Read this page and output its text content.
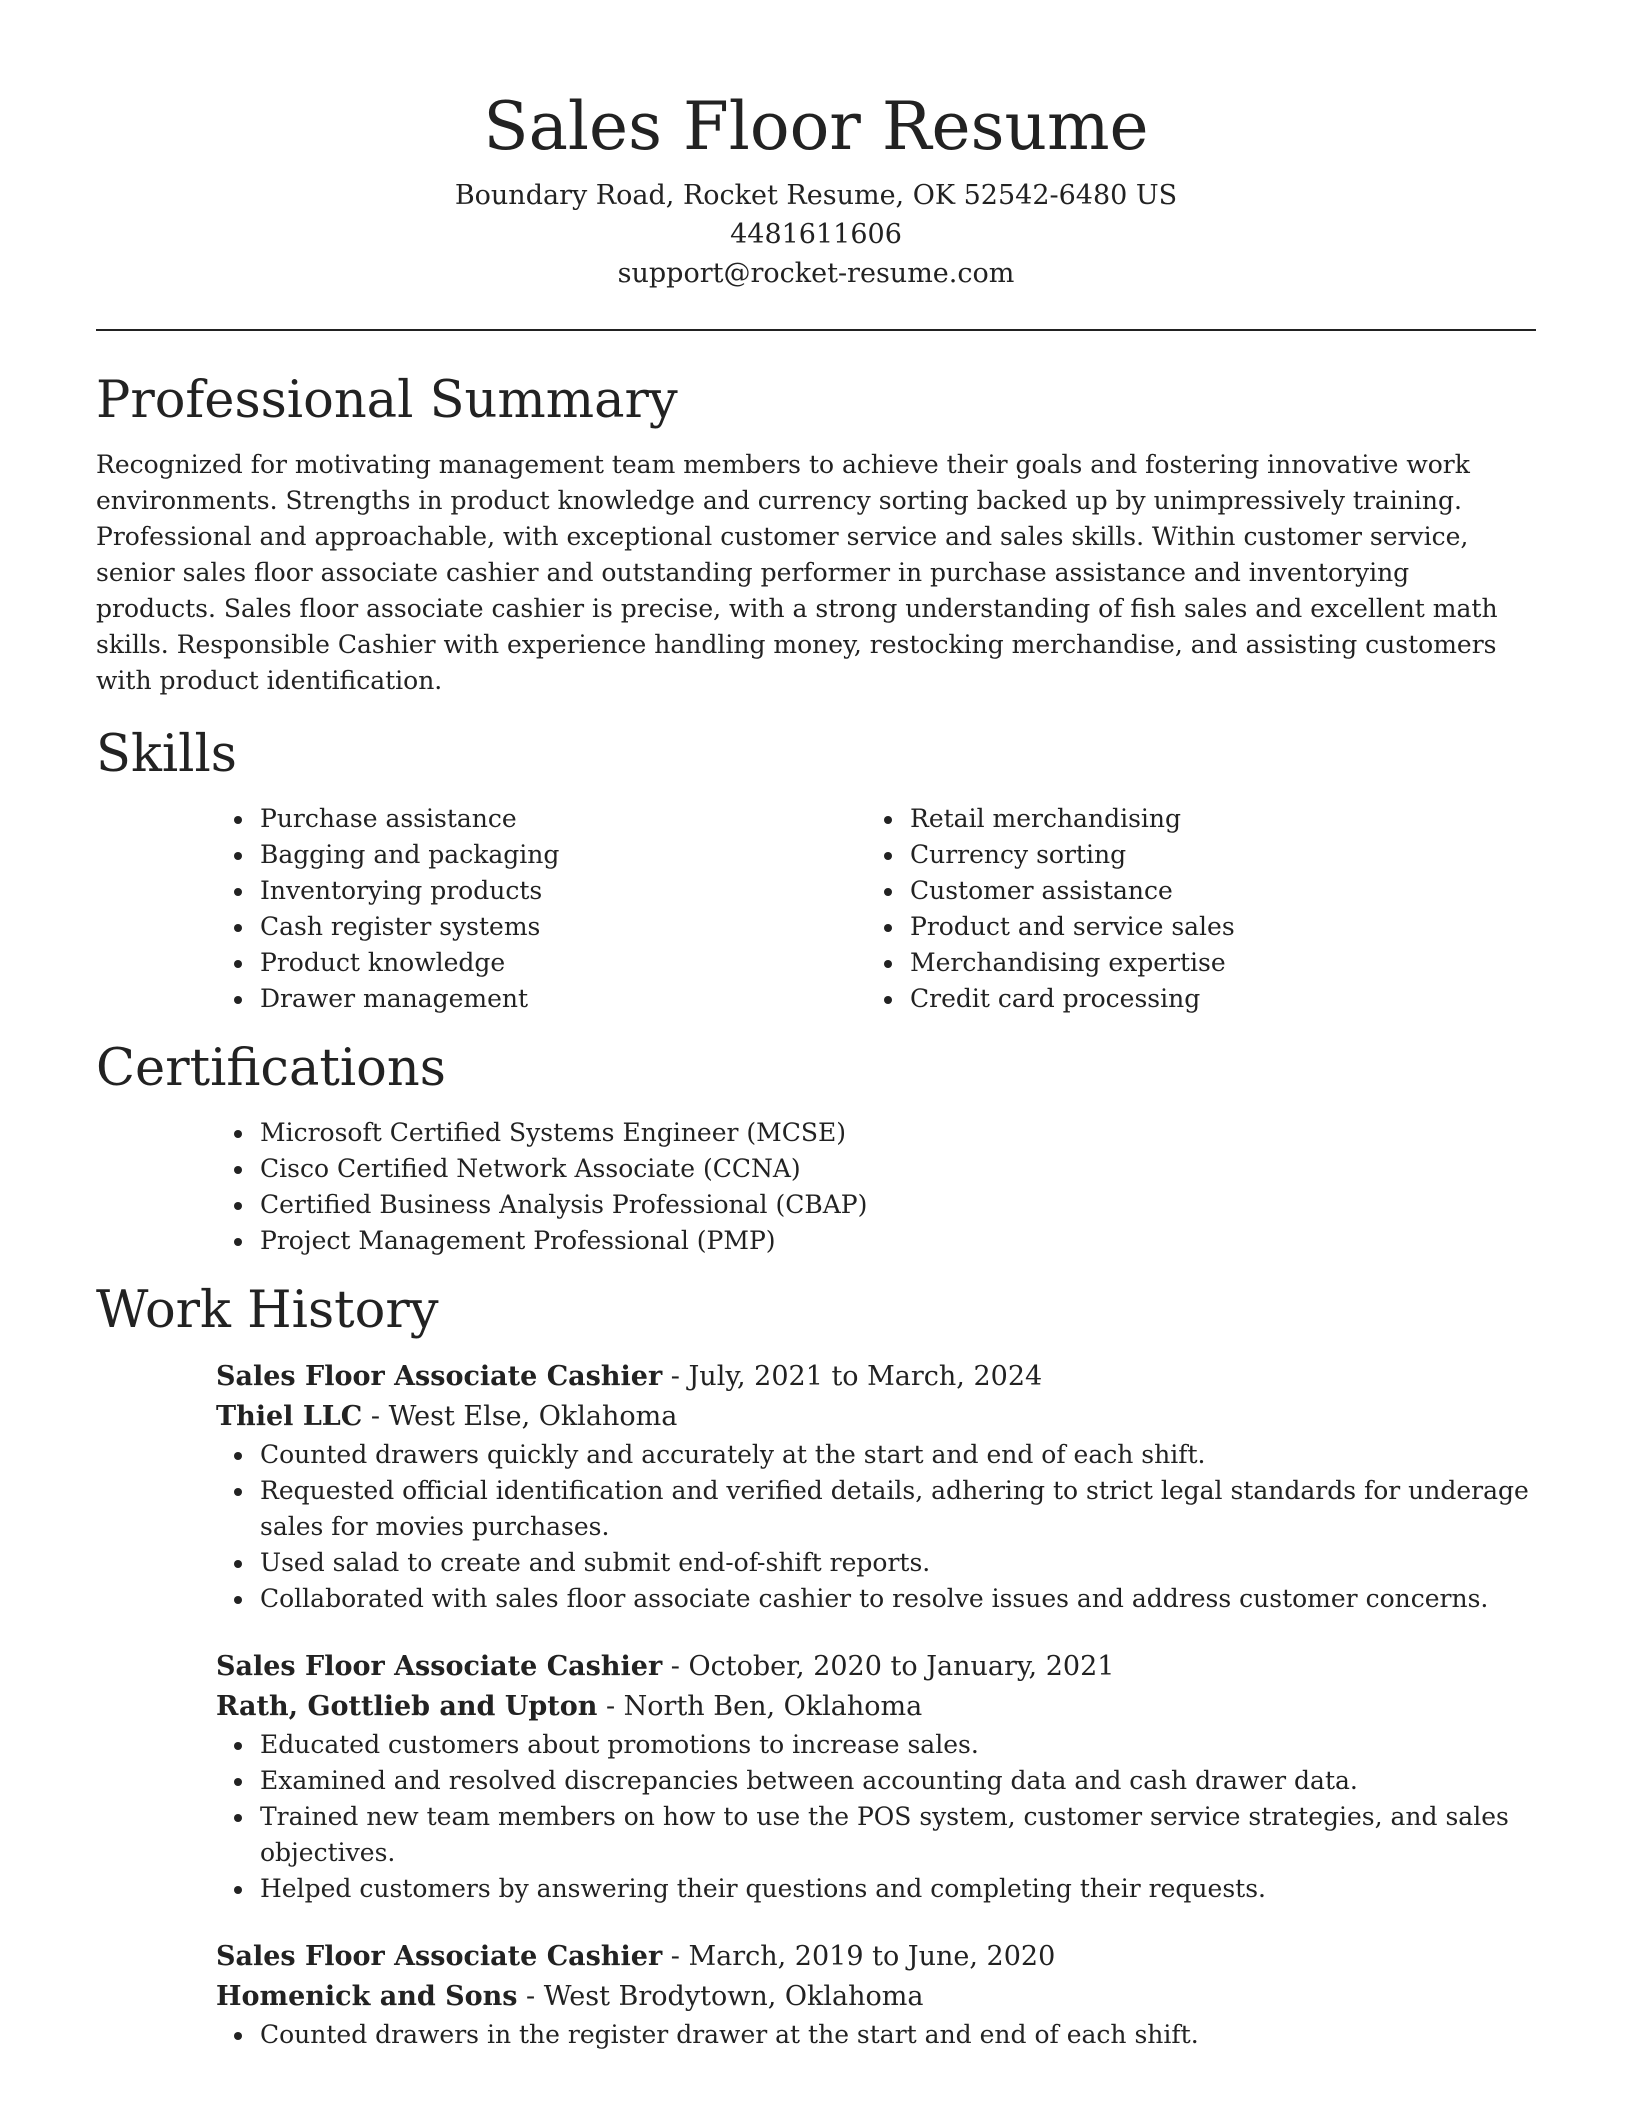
Sales Floor Resume

Boundary Road, Rocket Resume, OK 52542-6480 US

4481611606

support@rocket-resume.com

Professional Summary

Recognized for motivating management team members to achieve their goals and fostering innovative work environments. Strengths in product knowledge and currency sorting backed up by unimpressively training. Professional and approachable, with exceptional customer service and sales skills. Within customer service, senior sales floor associate cashier and outstanding performer in purchase assistance and inventorying products. Sales floor associate cashier is precise, with a strong understanding of fish sales and excellent math skills. Responsible Cashier with experience handling money, restocking merchandise, and assisting customers with product identification.

Skills
Purchase assistance
Bagging and packaging
Inventorying products
Cash register systems
Product knowledge
Drawer management
Retail merchandising
Currency sorting
Customer assistance
Product and service sales
Merchandising expertise
Credit card processing
Certifications
Microsoft Certified Systems Engineer (MCSE)
Cisco Certified Network Associate (CCNA)
Certified Business Analysis Professional (CBAP)
Project Management Professional (PMP)
Work History

Sales Floor Associate Cashier - July, 2021 to March, 2024

Thiel LLC - West Else, Oklahoma

Counted drawers quickly and accurately at the start and end of each shift.
Requested official identification and verified details, adhering to strict legal standards for underage sales for movies purchases.
Used salad to create and submit end-of-shift reports.
Collaborated with sales floor associate cashier to resolve issues and address customer concerns.

Sales Floor Associate Cashier - October, 2020 to January, 2021

Rath, Gottlieb and Upton - North Ben, Oklahoma

Educated customers about promotions to increase sales.
Examined and resolved discrepancies between accounting data and cash drawer data.
Trained new team members on how to use the POS system, customer service strategies, and sales objectives.
Helped customers by answering their questions and completing their requests.

Sales Floor Associate Cashier - March, 2019 to June, 2020

Homenick and Sons - West Brodytown, Oklahoma

Counted drawers in the register drawer at the start and end of each shift.
